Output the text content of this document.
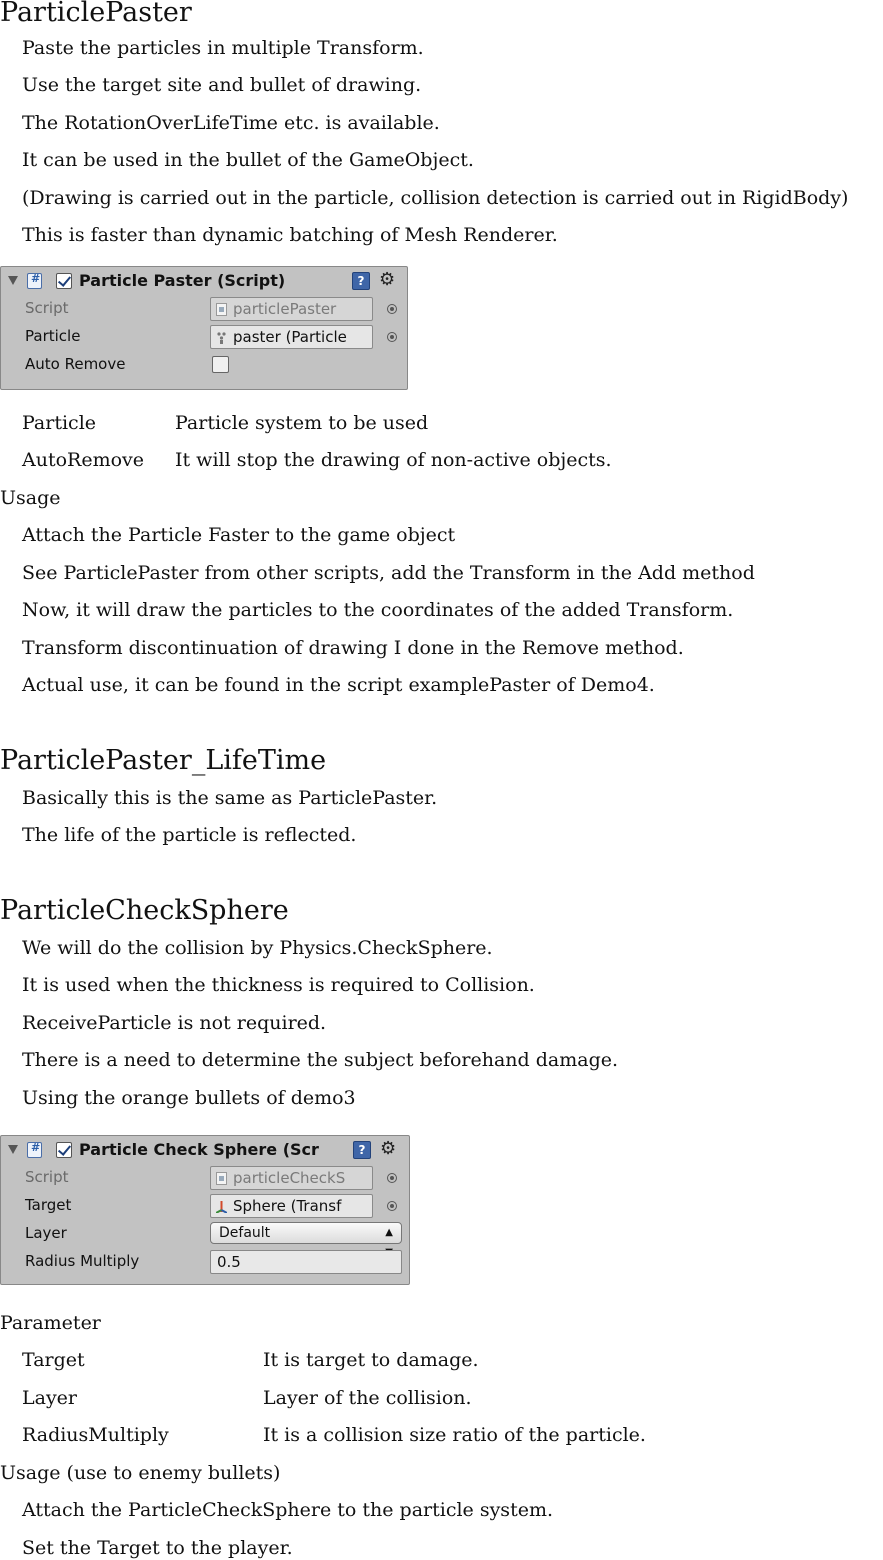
ParticlePaster
Paste the particles in multiple Transform.
Use the target site and bullet of drawing.
The RotationOverLifeTime etc. is available.
It can be used in the bullet of the GameObject.
(Drawing is carried out in the particle, collision detection is carried out in RigidBody)
This is faster than dynamic batching of Mesh Renderer.
#
Particle Paster (Script)	? ⚙
Script	particlePaster
Particle	paster (Particle
Auto Remove
Particle	Particle system to be used
AutoRemove It will stop the drawing of non-active objects.
Usage
Attach the Particle Faster to the game object
See ParticlePaster from other scripts, add the Transform in the Add method
Now, it will draw the particles to the coordinates of the added Transform.
Transform discontinuation of drawing I done in the Remove method.
Actual use, it can be found in the script examplePaster of Demo4.
ParticlePaster_LifeTime
Basically this is the same as ParticlePaster.
The life of the particle is reflected.
ParticleCheckSphere
We will do the collision by Physics.CheckSphere.
It is used when the thickness is required to Collision.
ReceiveParticle is not required.
There is a need to determine the subject beforehand damage.
Using the orange bullets of demo3
#
Particle Check Sphere (Scr	? ⚙
Script	particleCheckS
Target	Sphere (Transf
Layer	Default	▲

Radius Multiply	0.5
Parameter
Target	It is target to damage.
Layer	Layer of the collision.
RadiusMultiply	It is a collision size ratio of the particle.
Usage (use to enemy bullets)
Attach the ParticleCheckSphere to the particle system.
Set the Target to the player.
